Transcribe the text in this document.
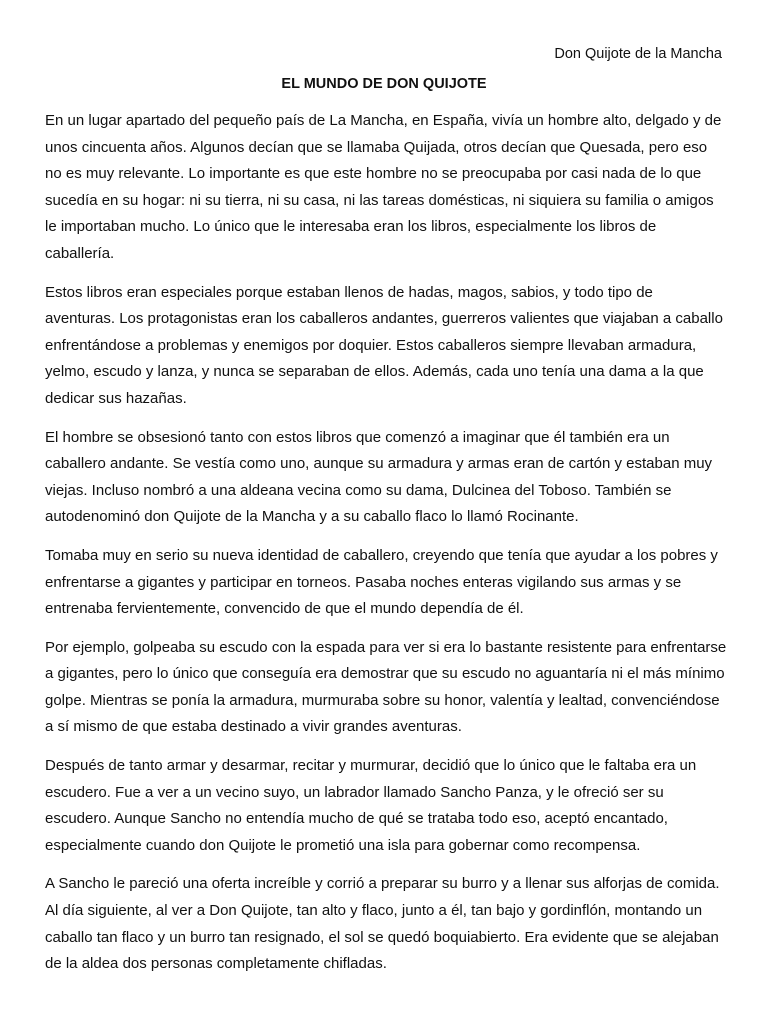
Don Quijote de la Mancha
EL MUNDO DE DON QUIJOTE

En un lugar apartado del pequeño país de La Mancha, en España, vivía un hombre alto, delgado y de unos cincuenta años. Algunos decían que se llamaba Quijada, otros decían que Quesada, pero eso no es muy relevante. Lo importante es que este hombre no se preocupaba por casi nada de lo que sucedía en su hogar: ni su tierra, ni su casa, ni las tareas domésticas, ni siquiera su familia o amigos le importaban mucho. Lo único que le interesaba eran los libros, especialmente los libros de caballería.

Estos libros eran especiales porque estaban llenos de hadas, magos, sabios, y todo tipo de aventuras. Los protagonistas eran los caballeros andantes, guerreros valientes que viajaban a caballo enfrentándose a problemas y enemigos por doquier. Estos caballeros siempre llevaban armadura, yelmo, escudo y lanza, y nunca se separaban de ellos. Además, cada uno tenía una dama a la que dedicar sus hazañas.

El hombre se obsesionó tanto con estos libros que comenzó a imaginar que él también era un caballero andante. Se vestía como uno, aunque su armadura y armas eran de cartón y estaban muy viejas. Incluso nombró a una aldeana vecina como su dama, Dulcinea del Toboso. También se autodenominó don Quijote de la Mancha y a su caballo flaco lo llamó Rocinante.

Tomaba muy en serio su nueva identidad de caballero, creyendo que tenía que ayudar a los pobres y enfrentarse a gigantes y participar en torneos. Pasaba noches enteras vigilando sus armas y se entrenaba fervientemente, convencido de que el mundo dependía de él.

Por ejemplo, golpeaba su escudo con la espada para ver si era lo bastante resistente para enfrentarse a gigantes, pero lo único que conseguía era demostrar que su escudo no aguantaría ni el más mínimo golpe. Mientras se ponía la armadura, murmuraba sobre su honor, valentía y lealtad, convenciéndose a sí mismo de que estaba destinado a vivir grandes aventuras.

Después de tanto armar y desarmar, recitar y murmurar, decidió que lo único que le faltaba era un escudero. Fue a ver a un vecino suyo, un labrador llamado Sancho Panza, y le ofreció ser su escudero. Aunque Sancho no entendía mucho de qué se trataba todo eso, aceptó encantado, especialmente cuando don Quijote le prometió una isla para gobernar como recompensa.

A Sancho le pareció una oferta increíble y corrió a preparar su burro y a llenar sus alforjas de comida. Al día siguiente, al ver a Don Quijote, tan alto y flaco, junto a él, tan bajo y gordinflón, montando un caballo tan flaco y un burro tan resignado, el sol se quedó boquiabierto. Era evidente que se alejaban de la aldea dos personas completamente chifladas.
